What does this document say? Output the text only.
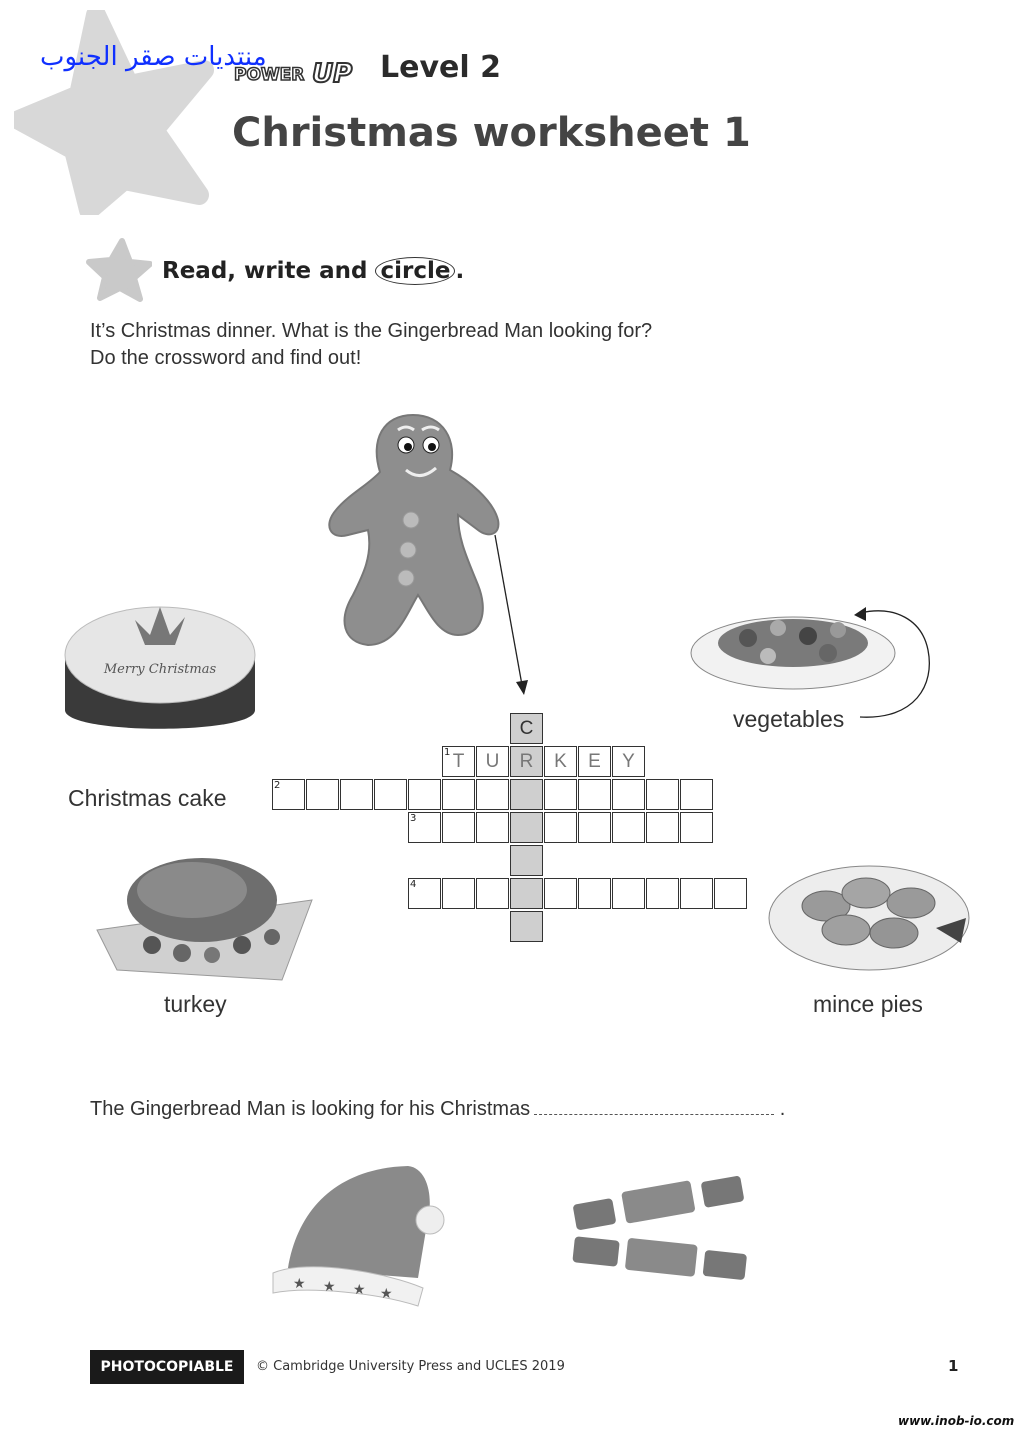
منتديات صقر الجنوب
POWER UP Level 2
Christmas worksheet 1
Read, write and circle .
It’s Christmas dinner. What is the Gingerbread Man looking for?
Do the crossword and find out!
Merry Christmas
Christmas cake
turkey
vegetables
mince pies
C
1 T	U	R	K	E	Y
2
3
4
The Gingerbread Man is looking for his Christmas	.
★ ★ ★ ★
PHOTOCOPIABLE	© Cambridge University Press and UCLES 2019	1
www.inob-io.com
